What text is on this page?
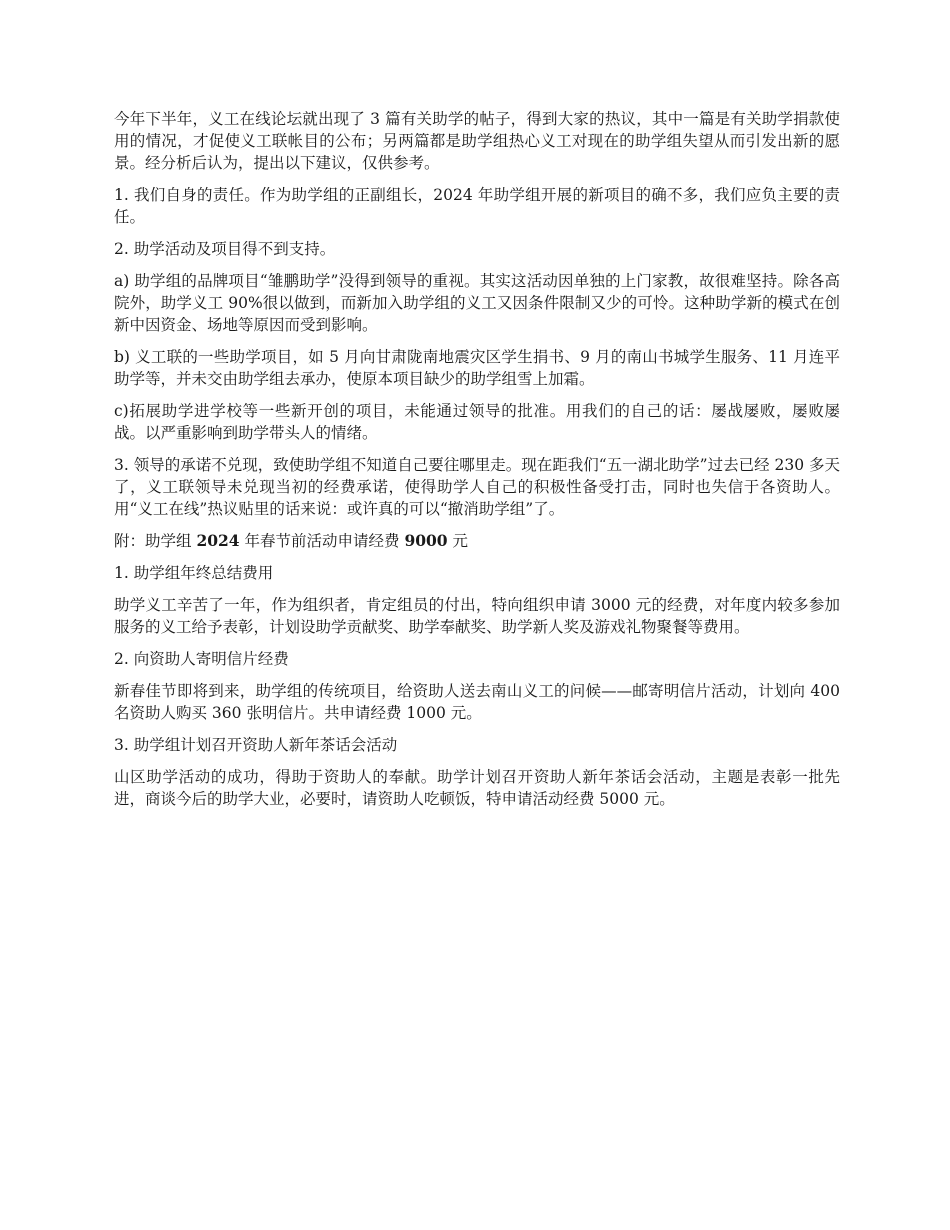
今年下半年，义工在线论坛就出现了 3 篇有关助学的帖子，得到大家的热议，其中一篇是有关助学捐款使用的情况，才促使义工联帐目的公布；另两篇都是助学组热心义工对现在的助学组失望从而引发出新的愿景。经分析后认为，提出以下建议，仅供参考。

1. 我们自身的责任。作为助学组的正副组长，2024 年助学组开展的新项目的确不多，我们应负主要的责任。

2. 助学活动及项目得不到支持。

a) 助学组的品牌项目“雏鹏助学”没得到领导的重视。其实这活动因单独的上门家教，故很难坚持。除各高院外，助学义工 90%很以做到，而新加入助学组的义工又因条件限制又少的可怜。这种助学新的模式在创新中因资金、场地等原因而受到影响。

b) 义工联的一些助学项目，如 5 月向甘肃陇南地震灾区学生捐书、9 月的南山书城学生服务、11 月连平助学等，并未交由助学组去承办，使原本项目缺少的助学组雪上加霜。

c)拓展助学进学校等一些新开创的项目，未能通过领导的批准。用我们的自己的话：屡战屡败，屡败屡战。以严重影响到助学带头人的情绪。

3. 领导的承诺不兑现，致使助学组不知道自己要往哪里走。现在距我们“五一湖北助学”过去已经 230 多天了，义工联领导未兑现当初的经费承诺，使得助学人自己的积极性备受打击，同时也失信于各资助人。用“义工在线”热议贴里的话来说：或许真的可以“撤消助学组”了。

附：助学组 2024 年春节前活动申请经费 9000 元

1. 助学组年终总结费用

助学义工辛苦了一年，作为组织者，肯定组员的付出，特向组织申请 3000 元的经费，对年度内较多参加服务的义工给予表彰，计划设助学贡献奖、助学奉献奖、助学新人奖及游戏礼物聚餐等费用。

2. 向资助人寄明信片经费

新春佳节即将到来，助学组的传统项目，给资助人送去南山义工的问候——邮寄明信片活动，计划向 400 名资助人购买 360 张明信片。共申请经费 1000 元。

3. 助学组计划召开资助人新年茶话会活动

山区助学活动的成功，得助于资助人的奉献。助学计划召开资助人新年茶话会活动，主题是表彰一批先进，商谈今后的助学大业，必要时，请资助人吃顿饭，特申请活动经费 5000 元。
